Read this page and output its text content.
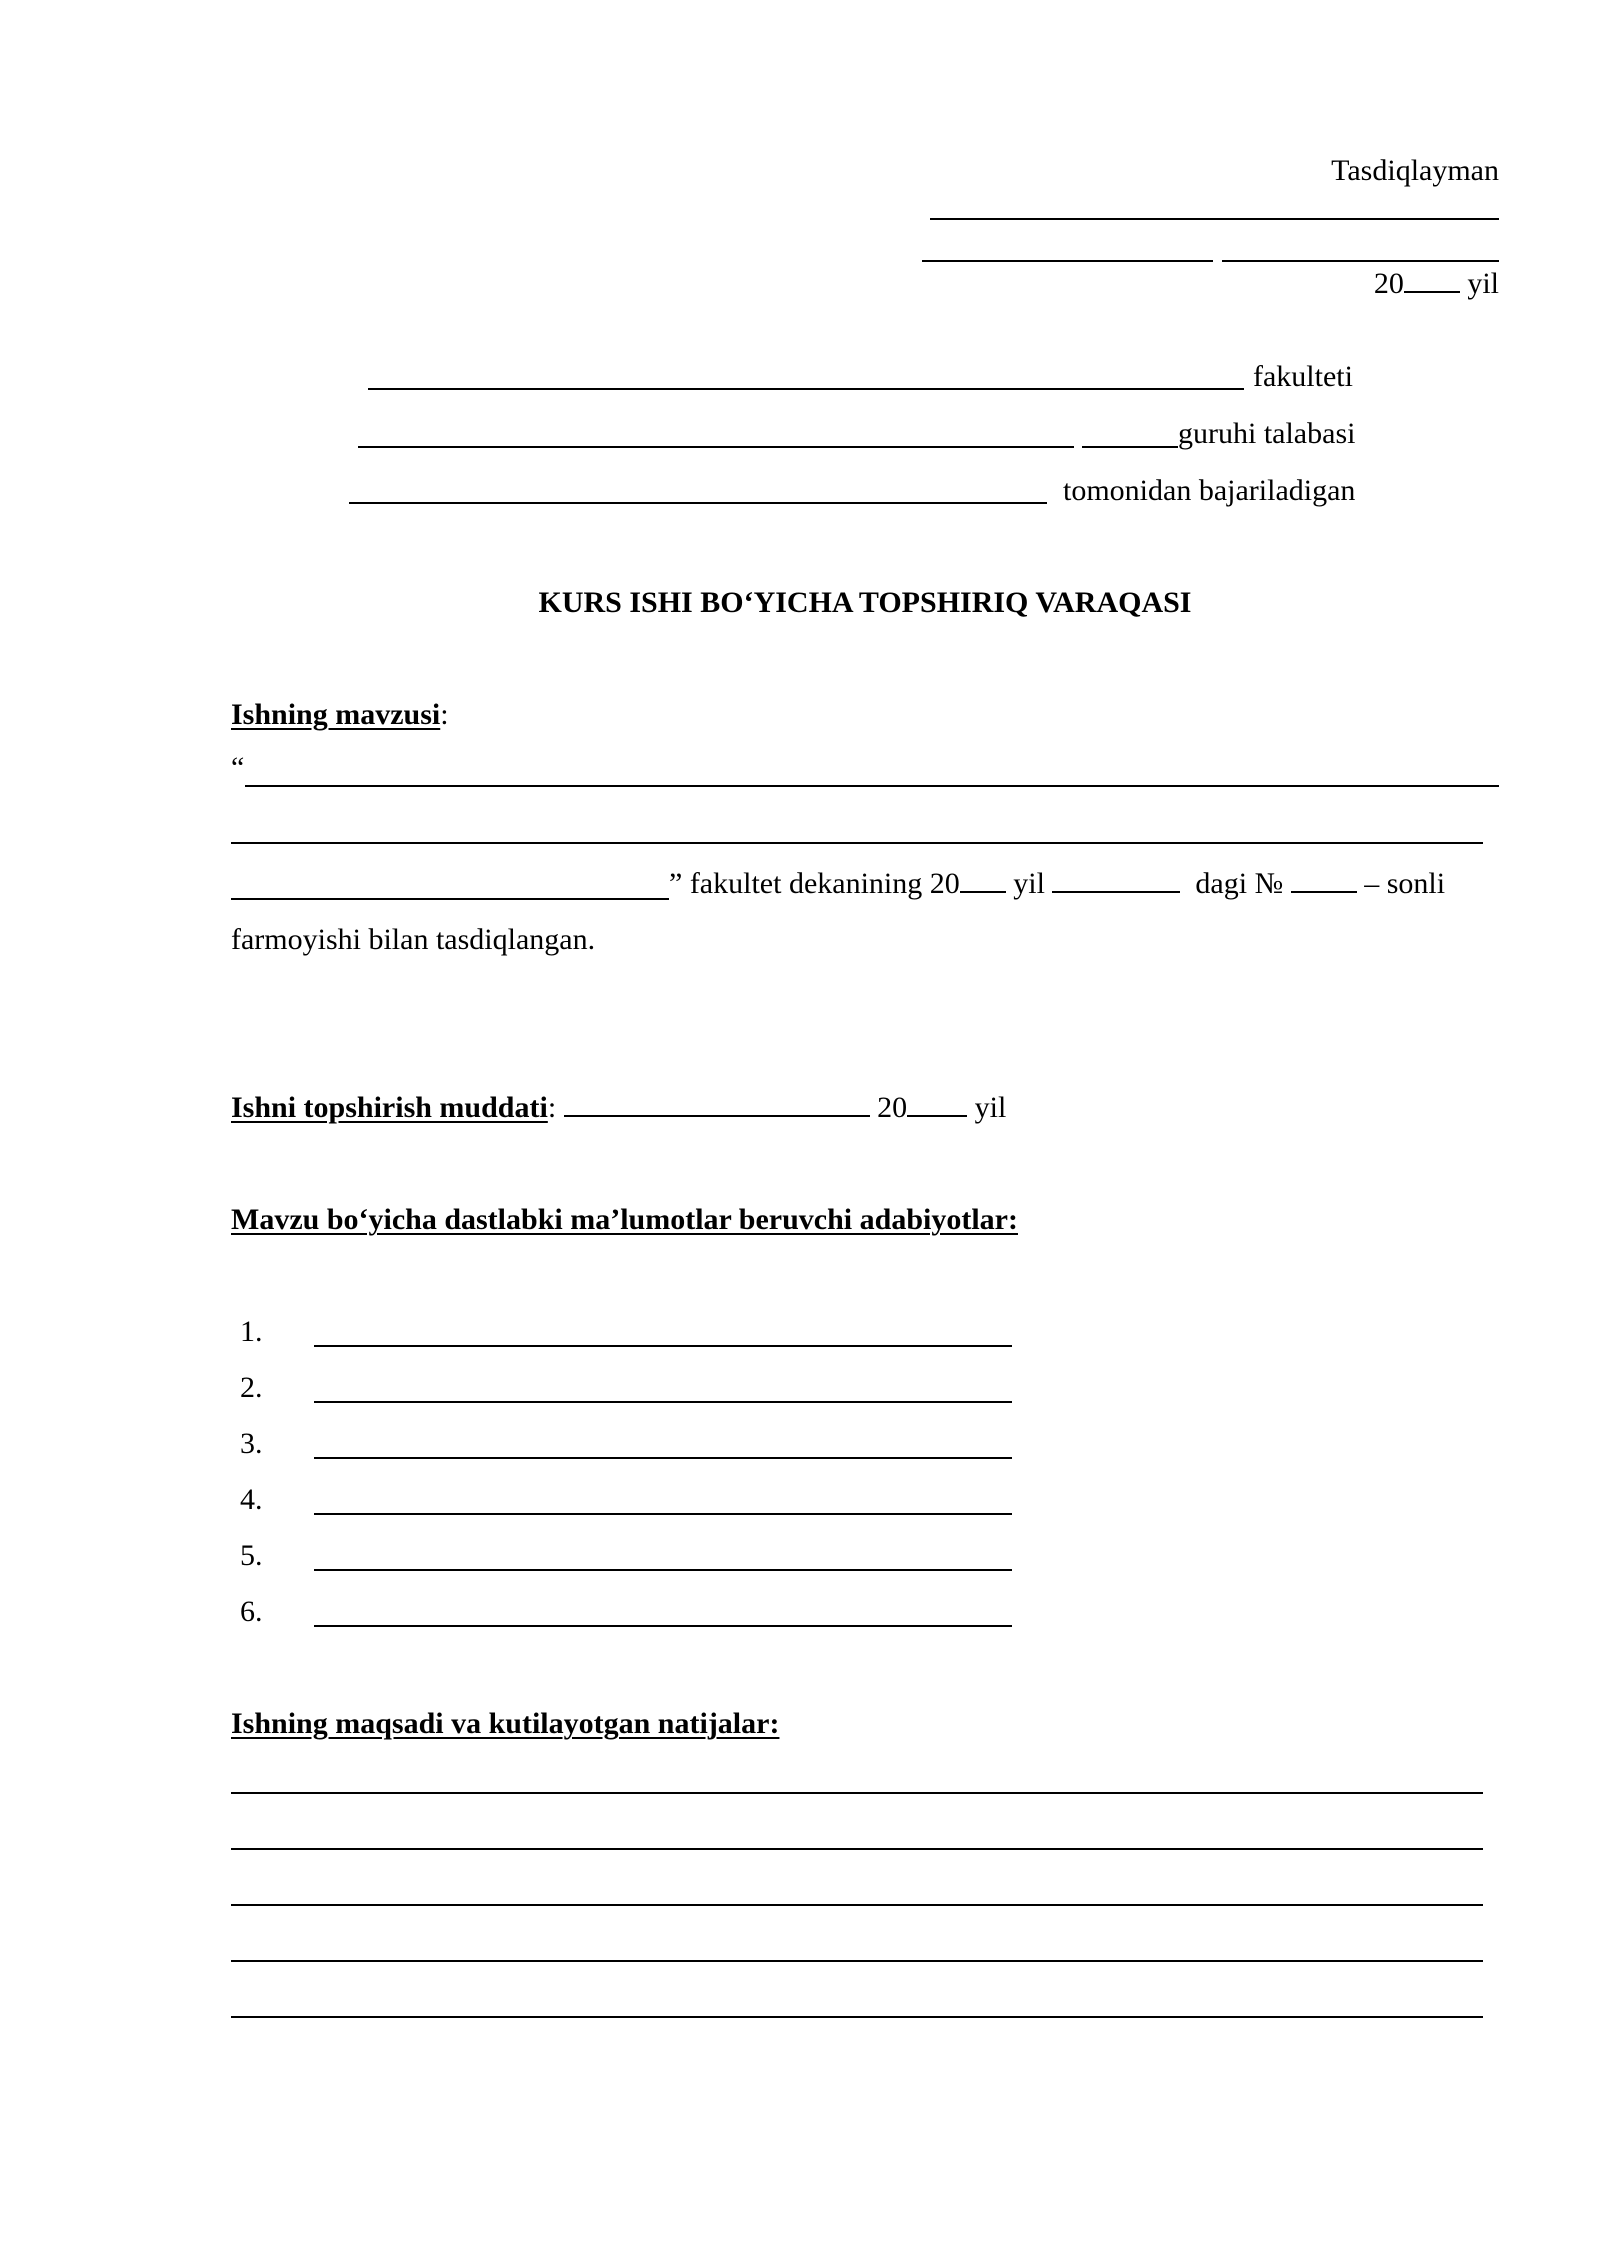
Tasdiqlayman
20 yil
fakulteti
guruhi talabasi
tomonidan bajariladigan
KURS ISHI BO‘YICHA TOPSHIRIQ VARAQASI
Ishning mavzusi:
“
” fakultet dekanining 20 yil	dagi №	– sonli
farmoyishi bilan tasdiqlangan.
Ishni topshirish muddati:	20 yil
Mavzu bo‘yicha dastlabki ma’lumotlar beruvchi adabiyotlar:
1.
2.
3.
4.
5.
6.
Ishning maqsadi va kutilayotgan natijalar:
